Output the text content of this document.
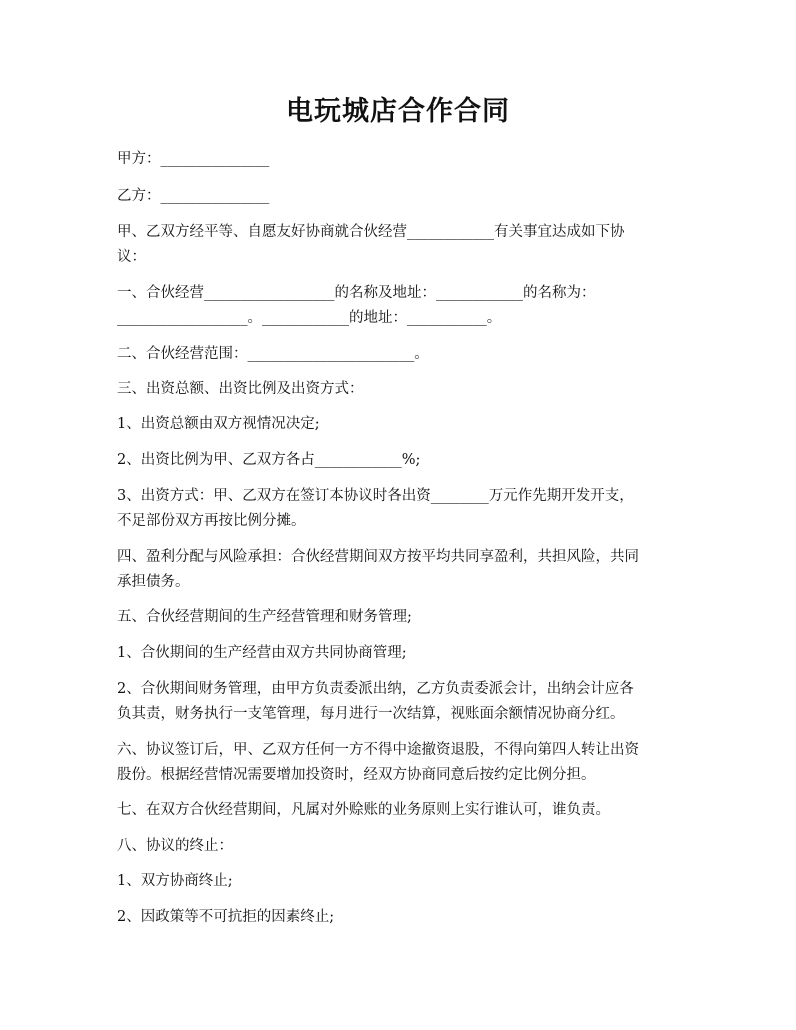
电玩城店合作合同
甲方：_______________
乙方：_______________
甲、乙双方经平等、自愿友好协商就合伙经营____________有关事宜达成如下协
议：
一、合伙经营__________________的名称及地址：____________的名称为：
__________________。____________的地址：___________。
二、合伙经营范围：_______________________。
三、出资总额、出资比例及出资方式：
1、出资总额由双方视情况决定;
2、出资比例为甲、乙双方各占____________%;
3、出资方式：甲、乙双方在签订本协议时各出资________万元作先期开发开支，
不足部份双方再按比例分摊。
四、盈利分配与风险承担：合伙经营期间双方按平均共同享盈利，共担风险，共同
承担债务。
五、合伙经营期间的生产经营管理和财务管理;
1、合伙期间的生产经营由双方共同协商管理;
2、合伙期间财务管理，由甲方负责委派出纳，乙方负责委派会计，出纳会计应各
负其责，财务执行一支笔管理，每月进行一次结算，视账面余额情况协商分红。
六、协议签订后，甲、乙双方任何一方不得中途撤资退股，不得向第四人转让出资
股份。根据经营情况需要增加投资时，经双方协商同意后按约定比例分担。
七、在双方合伙经营期间，凡属对外赊账的业务原则上实行谁认可，谁负责。
八、协议的终止：
1、双方协商终止;
2、因政策等不可抗拒的因素终止;
